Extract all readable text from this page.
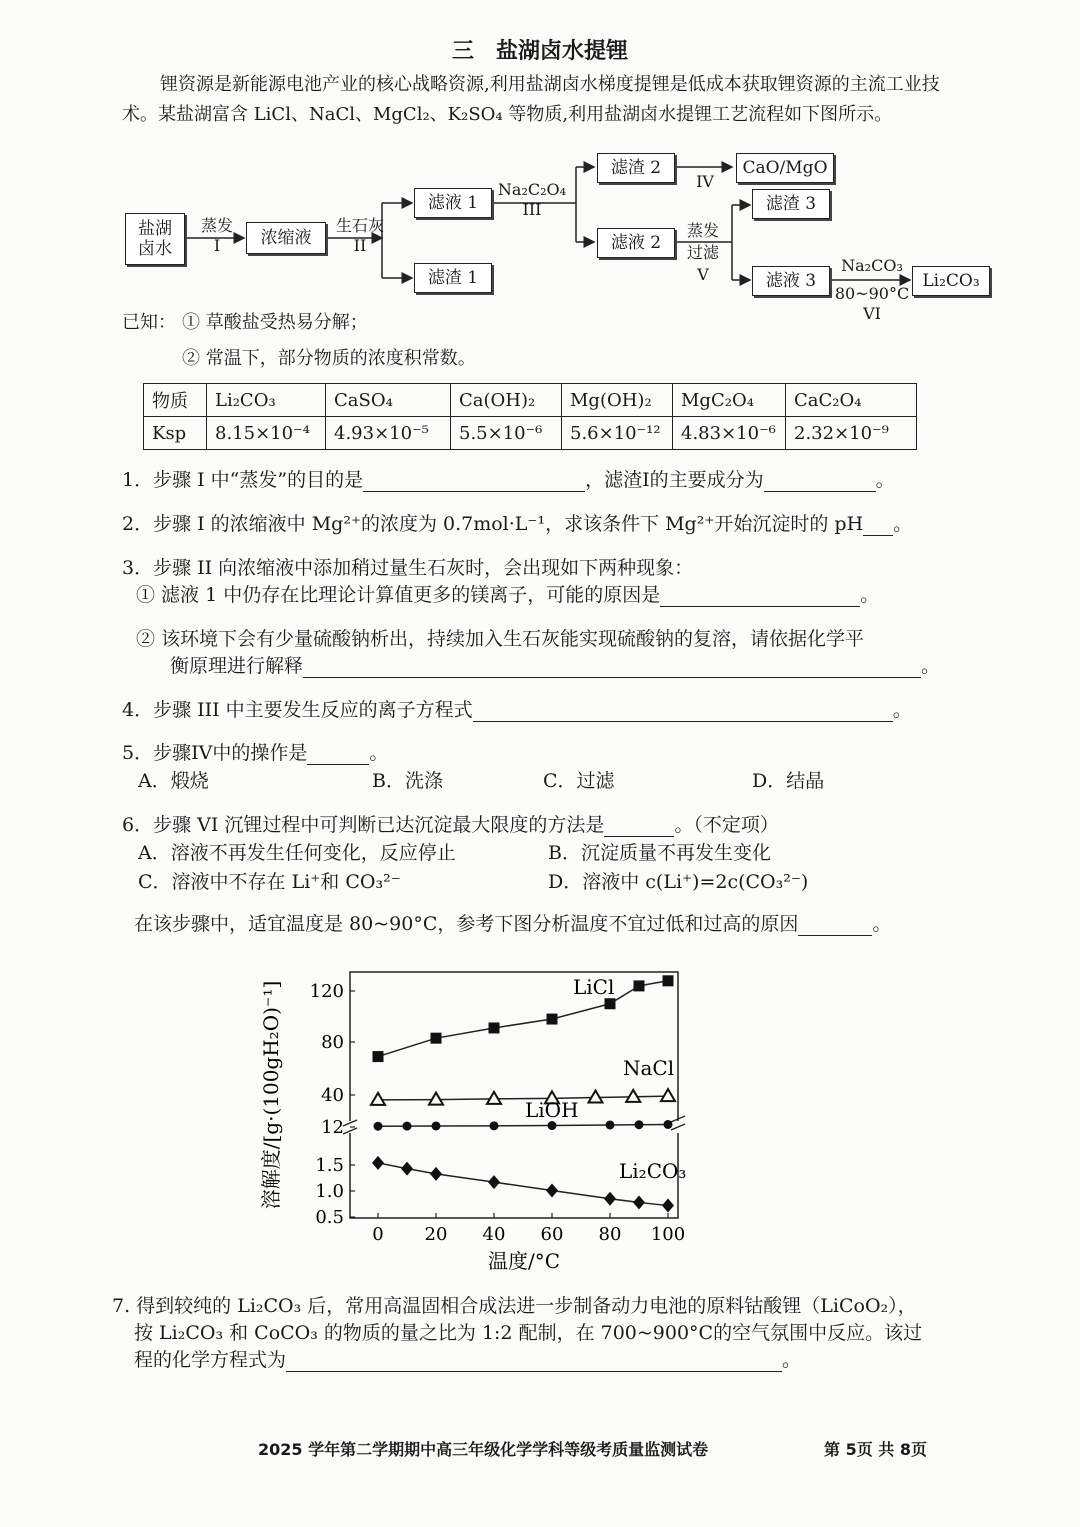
三　盐湖卤水提锂
锂资源是新能源电池产业的核心战略资源,利用盐湖卤水梯度提锂是低成本获取锂资源的主流工业技术。某盐湖富含 LiCl、NaCl、MgCl₂、K₂SO₄ 等物质,利用盐湖卤水提锂工艺流程如下图所示。
盐湖
卤水
蒸发
I	浓缩液
生石灰
II
滤液 1
滤渣 1
Na₂C₂O₄
III
滤渣 2
滤液 2
IV
CaO/MgO
蒸发
过滤
V
滤渣 3
滤液 3
Na₂CO₃
80~90°C
VI
Li₂CO₃
已知： ① 草酸盐受热易分解；
② 常温下，部分物质的浓度积常数。
物质	Li₂CO₃	CaSO₄	Ca(OH)₂	Mg(OH)₂	MgC₂O₄	CaC₂O₄
Ksp	8.15×10⁻⁴	4.93×10⁻⁵	5.5×10⁻⁶	5.6×10⁻¹²	4.83×10⁻⁶	2.32×10⁻⁹
1．步骤 I 中“蒸发”的目的是	，滤渣I的主要成分为	。
2．步骤 I 的浓缩液中 Mg²⁺的浓度为 0.7mol·L⁻¹，求该条件下 Mg²⁺开始沉淀时的 pH 。
3．步骤 II 向浓缩液中添加稍过量生石灰时，会出现如下两种现象：
① 滤液 1 中仍存在比理论计算值更多的镁离子，可能的原因是	。
② 该环境下会有少量硫酸钠析出，持续加入生石灰能实现硫酸钠的复溶，请依据化学平
衡原理进行解释	。
4．步骤 III 中主要发生反应的离子方程式	。
5．步骤IV中的操作是	。
A．煅烧	B．洗涤	C．过滤	D．结晶
6．步骤 VI 沉锂过程中可判断已达沉淀最大限度的方法是	。（不定项）
A．溶液不再发生任何变化，反应停止	B．沉淀质量不再发生变化
C．溶液中不存在 Li⁺和 CO₃²⁻	D．溶液中 c(Li⁺)=2c(CO₃²⁻)
在该步骤中，适宜温度是 80~90°C，参考下图分析温度不宜过低和过高的原因	。
0 20 40 60 80 100
12
40
80
120
0.5
1.0
1.5
温度/°C
溶解度/[g·(100gH₂O)⁻¹]	LiCl
NaCl
LiOH
Li₂CO₃
7. 得到较纯的 Li₂CO₃ 后，常用高温固相合成法进一步制备动力电池的原料钴酸锂（LiCoO₂），
按 Li₂CO₃ 和 CoCO₃ 的物质的量之比为 1:2 配制，在 700~900°C的空气氛围中反应。该过
程的化学方程式为	。
2025 学年第二学期期中高三年级化学学科等级考质量监测试卷	第 5页 共 8页
